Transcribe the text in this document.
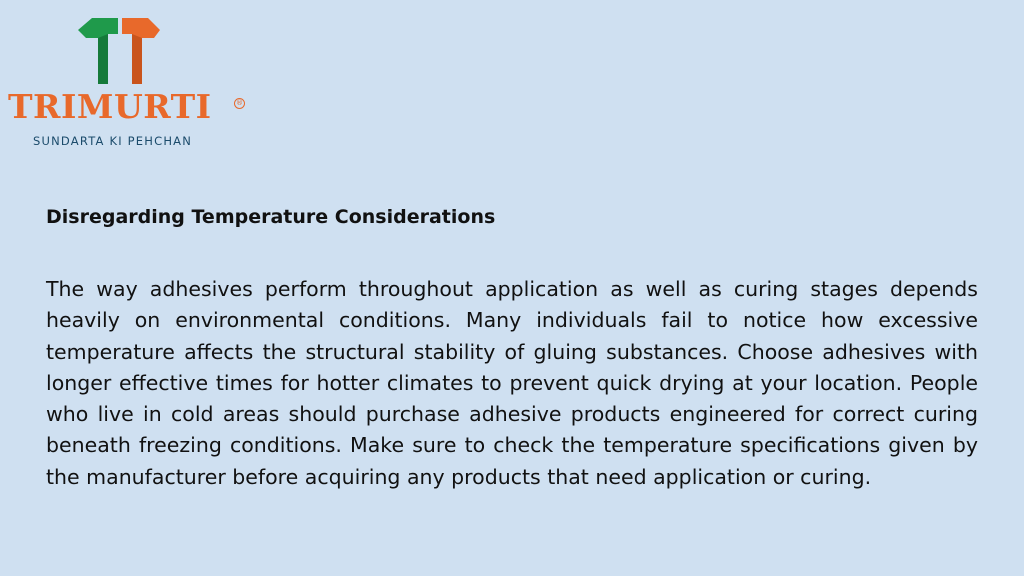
TRIMURTI	®
SUNDARTA KI PEHCHAN
Disregarding Temperature Considerations

The way adhesives perform throughout application as well as curing stages depends heavily on environmental conditions. Many individuals fail to notice how excessive temperature affects the structural stability of gluing substances. Choose adhesives with longer effective times for hotter climates to prevent quick drying at your location. People who live in cold areas should purchase adhesive products engineered for correct curing beneath freezing conditions. Make sure to check the temperature specifications given by the manufacturer before acquiring any products that need application or curing.
